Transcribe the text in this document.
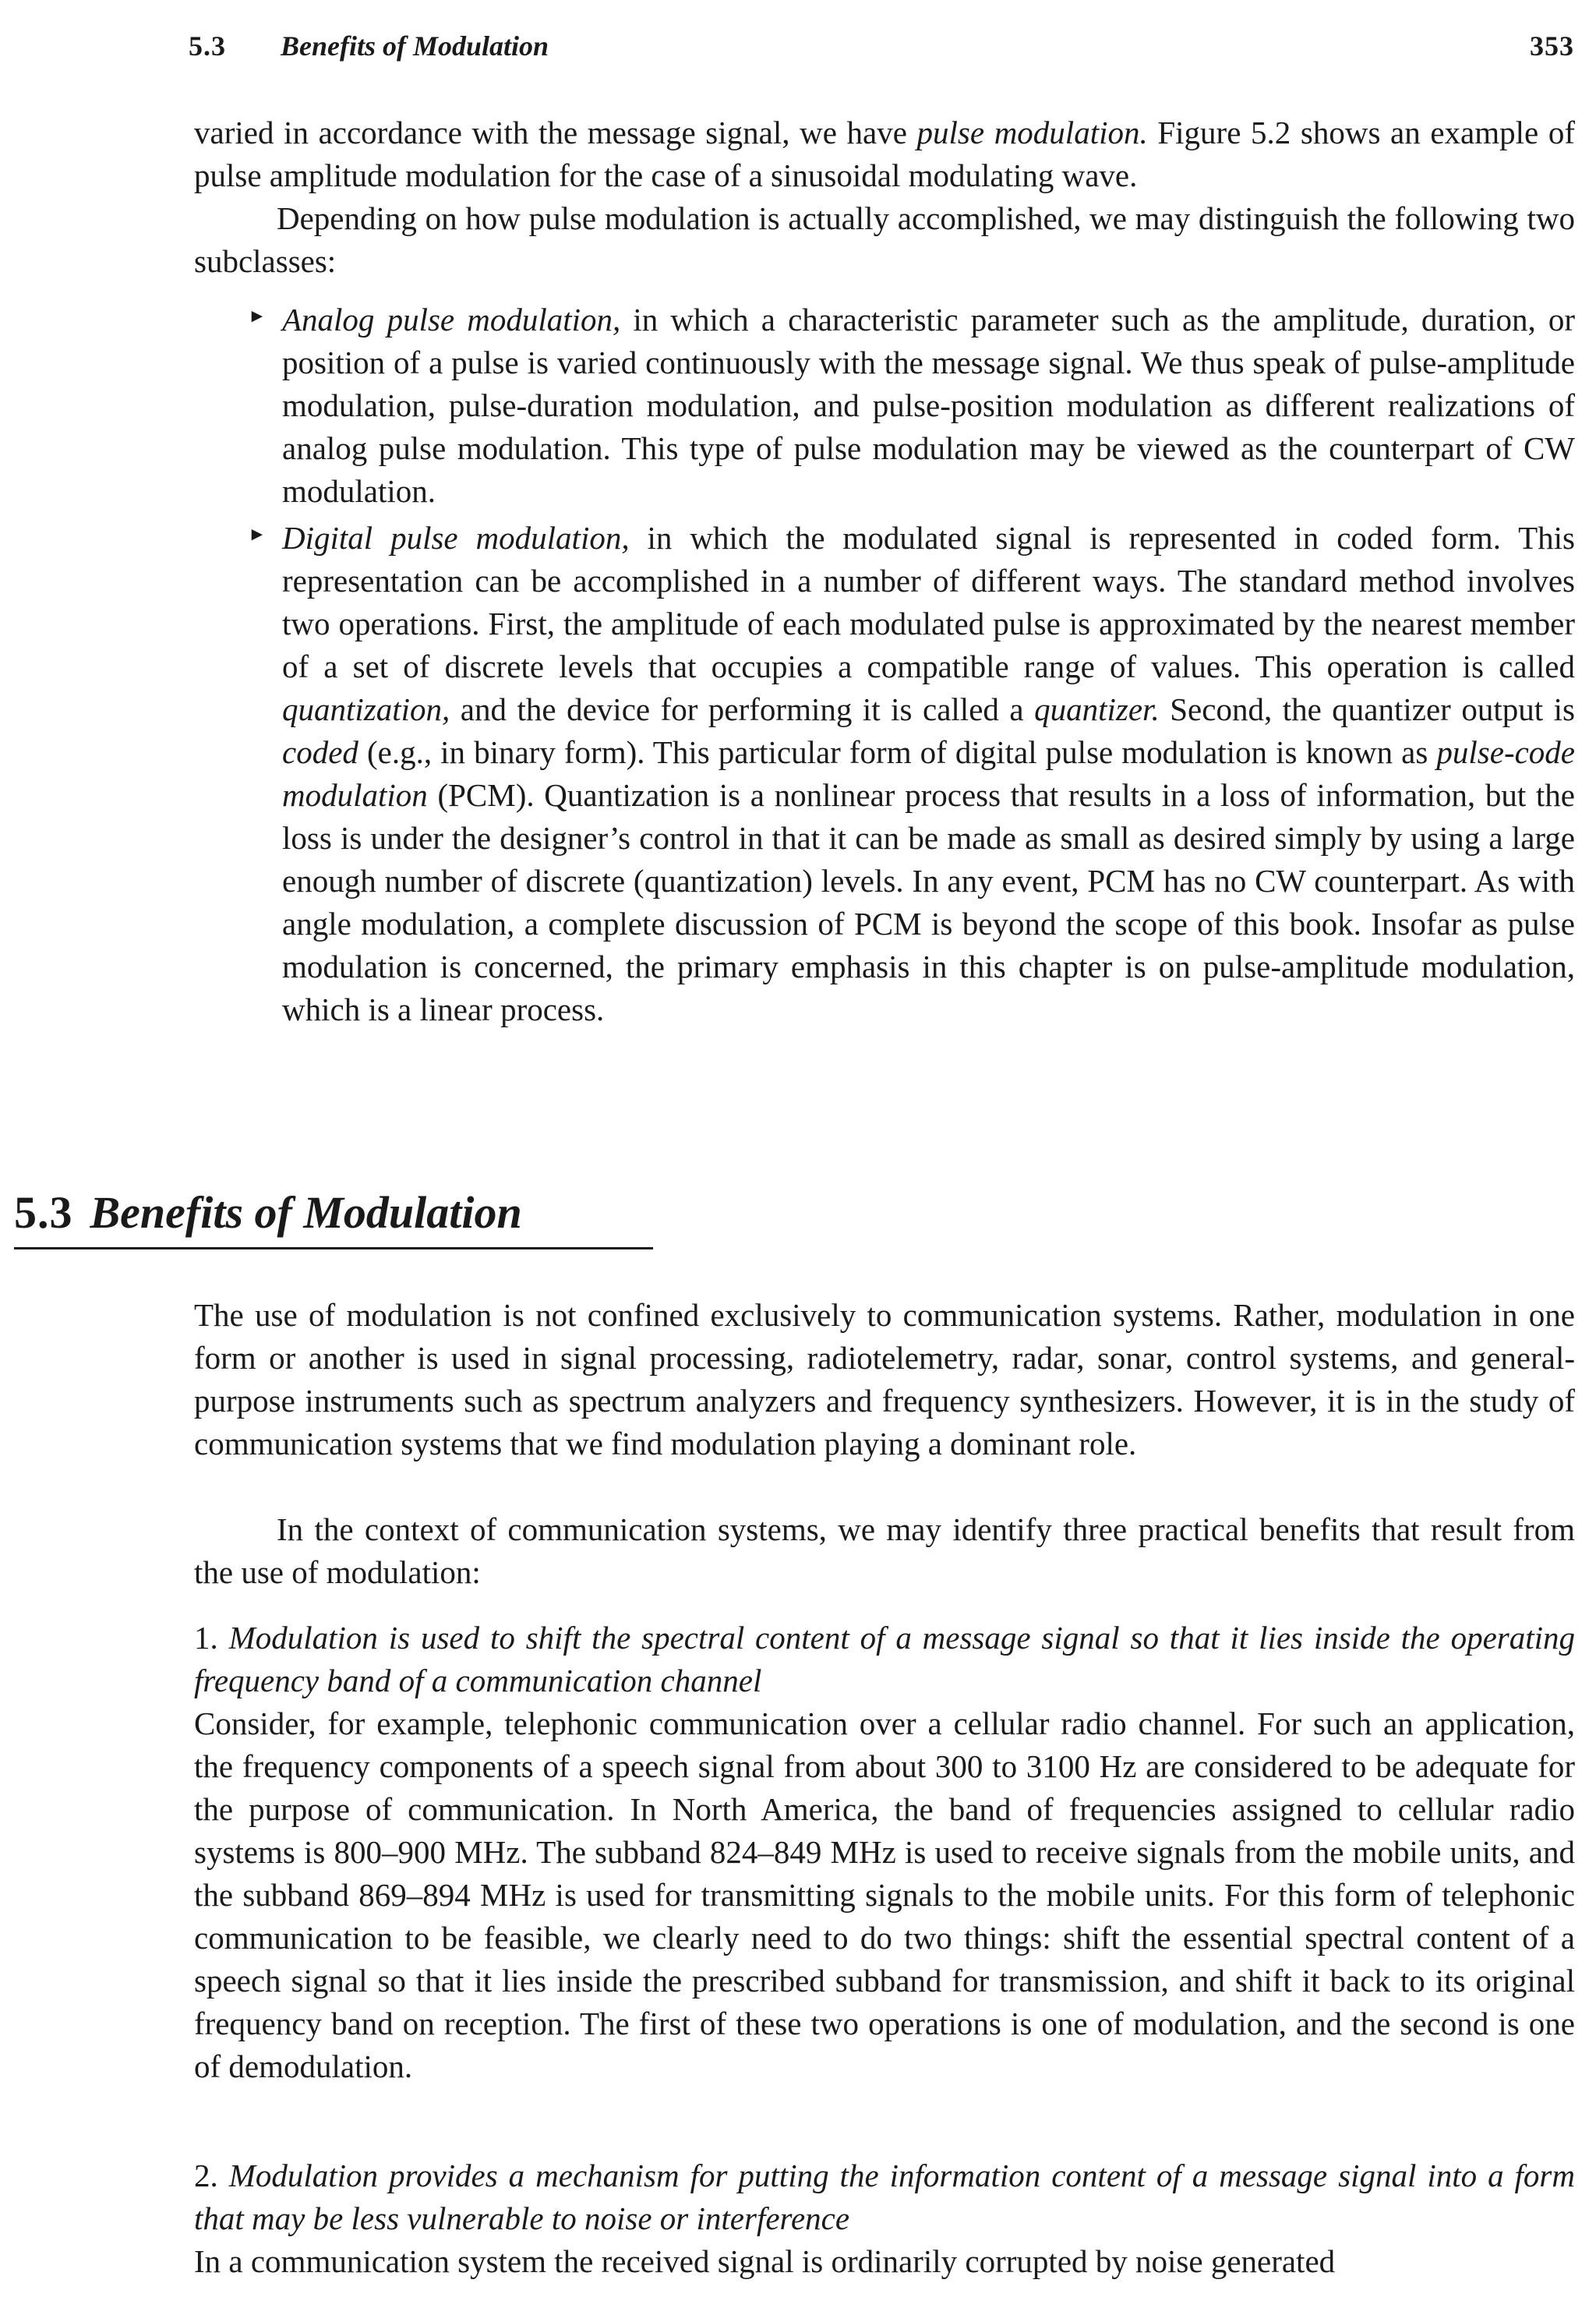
5.3 Benefits of Modulation	353

varied in accordance with the message signal, we have pulse modulation. Figure 5.2 shows an example of pulse amplitude modulation for the case of a sinusoidal modulating wave.

Depending on how pulse modulation is actually accomplished, we may distinguish the following two subclasses:

► Analog pulse modulation, in which a characteristic parameter such as the amplitude, duration, or position of a pulse is varied continuously with the message signal. We thus speak of pulse-amplitude modulation, pulse-duration modulation, and pulse-position modulation as different realizations of analog pulse modulation. This type of pulse modulation may be viewed as the counterpart of CW modulation.

► Digital pulse modulation, in which the modulated signal is represented in coded form. This representation can be accomplished in a number of different ways. The standard method involves two operations. First, the amplitude of each modulated pulse is approximated by the nearest member of a set of discrete levels that occupies a compatible range of values. This operation is called quantization, and the device for performing it is called a quantizer. Second, the quantizer output is coded (e.g., in binary form). This particular form of digital pulse modulation is known as pulse-code modulation (PCM). Quantization is a nonlinear process that results in a loss of information, but the loss is under the designer’s control in that it can be made as small as desired simply by using a large enough number of discrete (quantization) levels. In any event, PCM has no CW counterpart. As with angle modulation, a complete discussion of PCM is beyond the scope of this book. Insofar as pulse modulation is concerned, the primary emphasis in this chapter is on pulse-amplitude modulation, which is a linear process.

5.3 Benefits of Modulation

The use of modulation is not confined exclusively to communication systems. Rather, modulation in one form or another is used in signal processing, radiotelemetry, radar, sonar, control systems, and general-purpose instruments such as spectrum analyzers and frequency synthesizers. However, it is in the study of communication systems that we find modulation playing a dominant role.

In the context of communication systems, we may identify three practical benefits that result from the use of modulation:

1. Modulation is used to shift the spectral content of a message signal so that it lies inside the operating frequency band of a communication channel

Consider, for example, telephonic communication over a cellular radio channel. For such an application, the frequency components of a speech signal from about 300 to 3100 Hz are considered to be adequate for the purpose of communication. In North America, the band of frequencies assigned to cellular radio systems is 800–900 MHz. The subband 824–849 MHz is used to receive signals from the mobile units, and the subband 869–894 MHz is used for transmitting signals to the mobile units. For this form of telephonic communication to be feasible, we clearly need to do two things: shift the essential spectral content of a speech signal so that it lies inside the prescribed subband for transmission, and shift it back to its original frequency band on reception. The first of these two operations is one of modulation, and the second is one of demodulation.

2. Modulation provides a mechanism for putting the information content of a message signal into a form that may be less vulnerable to noise or interference

In a communication system the received signal is ordinarily corrupted by noise generated
